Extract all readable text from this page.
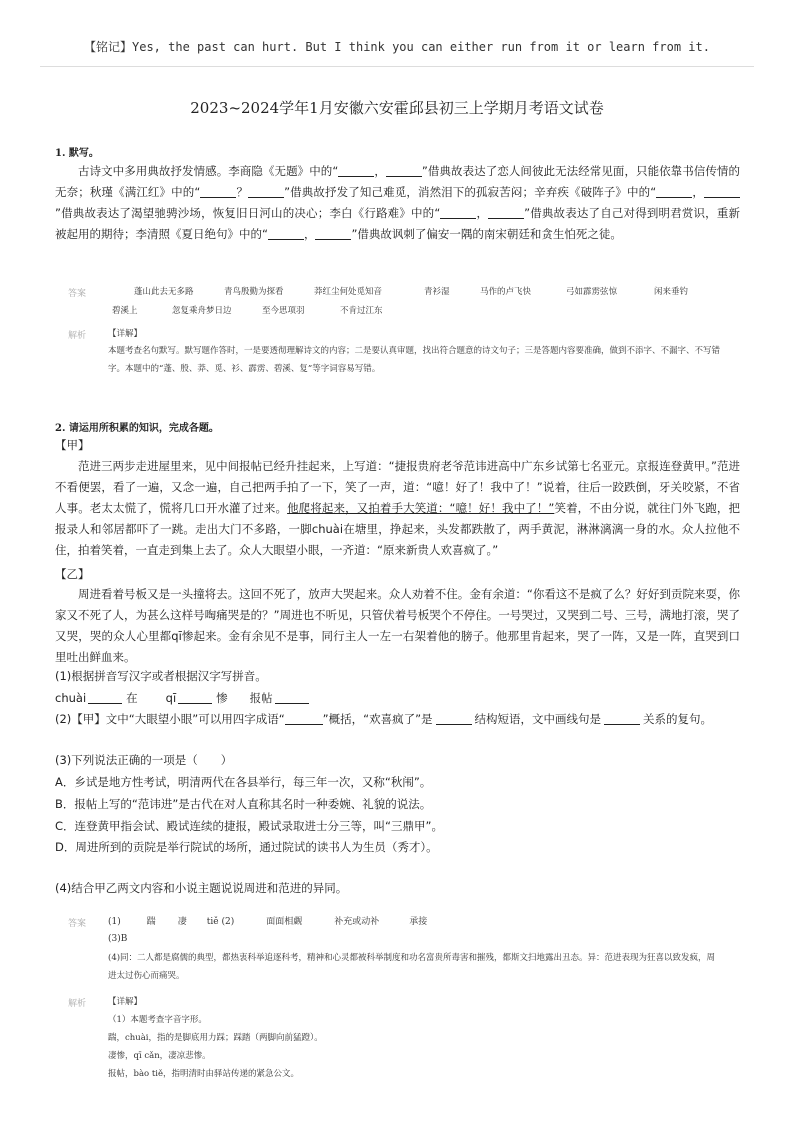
【铭记】Yes, the past can hurt. But I think you can either run from it or learn from it.
2023~2024学年1月安徽六安霍邱县初三上学期月考语文试卷
1. 默写。
古诗文中多用典故抒发情感。李商隐《无题》中的“	，	”借典故表达了恋人间彼此无法经常见面，只能依靠书信传情的无奈；秋瑾《满江红》中的“	？	”借典故抒发了知己难觅，消然泪下的孤寂苦闷；辛弃疾《破阵子》中的“	，”借典故表达了渴望驰骋沙场，恢复旧日河山的决心；李白《行路难》中的“	，	”借典故表达了自己对得到明君赏识，重新被起用的期待；李清照《夏日绝句》中的“	，	”借典故讽刺了偏安一隅的南宋朝廷和贪生怕死之徒。
答案	蓬山此去无多路	青鸟殷勤为探看	莽红尘何处觅知音	青衫湿	马作的卢飞快	弓如霹雳弦惊	闲来垂钓
碧溪上	忽复乘舟梦日边	至今思项羽	不肯过江东
解析	【详解】
本题考查名句默写。默写题作答时，一是要透彻理解诗文的内容；二是要认真审题，找出符合题意的诗文句子；三是答题内容要准确，做到不添字、不漏字、不写错字。本题中的“蓬、殷、莽、觅、衫、霹雳、碧溪、复”等字词容易写错。
2. 请运用所积累的知识，完成各题。
【甲】
范进三两步走进屋里来，见中间报帖已经升挂起来，上写道：“捷报贵府老爷范讳进高中广东乡试第七名亚元。京报连登黄甲。”范进不看便罢，看了一遍，又念一遍，自己把两手拍了一下，笑了一声，道：“噫！好了！我中了！”说着，往后一跤跌倒，牙关咬紧，不省人事。老太太慌了，慌将几口开水灌了过来。他爬将起来，又拍着手大笑道：“噫！好！我中了！”笑着，不由分说，就往门外飞跑，把报录人和邻居都吓了一跳。走出大门不多路，一脚chuài在塘里，挣起来，头发都跌散了，两手黄泥，淋淋漓漓一身的水。众人拉他不住，拍着笑着，一直走到集上去了。众人大眼望小眼，一齐道：“原来新贵人欢喜疯了。”
【乙】
周进看着号板又是一头撞将去。这回不死了，放声大哭起来。众人劝着不住。金有余道：“你看这不是疯了么？好好到贡院来耍，你家又不死了人，为甚么这样号啕痛哭是的？”周进也不听见，只管伏着号板哭个不停住。一号哭过，又哭到二号、三号，满地打滚，哭了又哭，哭的众人心里都qī惨起来。金有余见不是事，同行主人一左一右架着他的膀子。他那里肯起来，哭了一阵，又是一阵，直哭到口里吐出鲜血来。
(1)根据拼音写汉字或者根据汉字写拼音。
chuài	在 qī	惨 报帖
(2)【甲】文中“大眼望小眼”可以用四字成语“	”概括，“欢喜疯了”是	结构短语，文中画线句是	关系的复句。
(3)下列说法正确的一项是（　　）
A．乡试是地方性考试，明清两代在各县举行，每三年一次，又称“秋闱”。
B．报帖上写的“范讳进”是古代在对人直称其名时一种委婉、礼貌的说法。
C．连登黄甲指会试、殿试连续的捷报，殿试录取进士分三等，叫“三鼎甲”。
D．周进所到的贡院是举行院试的场所，通过院试的读书人为生员（秀才）。
(4)结合甲乙两文内容和小说主题说说周进和范进的异同。
答案 (1)	踹 凄 tiě (2)	面面相觑	补充或动补	承接
(3)B
(4)同：二人都是腐儒的典型，都热衷科举追逐科考，精神和心灵都被科举制度和功名富贵所毒害和摧残，都斯文扫地露出丑态。异：范进表现为狂喜以致发疯，周进太过伤心而痛哭。
解析	【详解】
（1）本题考查字音字形。
踹，chuài，指的是脚底用力踩；踩踏（两脚向前猛蹬）。
凄惨，qī cǎn，凄凉悲惨。
报帖，bào tiě，指明清时由驿站传递的紧急公文。
